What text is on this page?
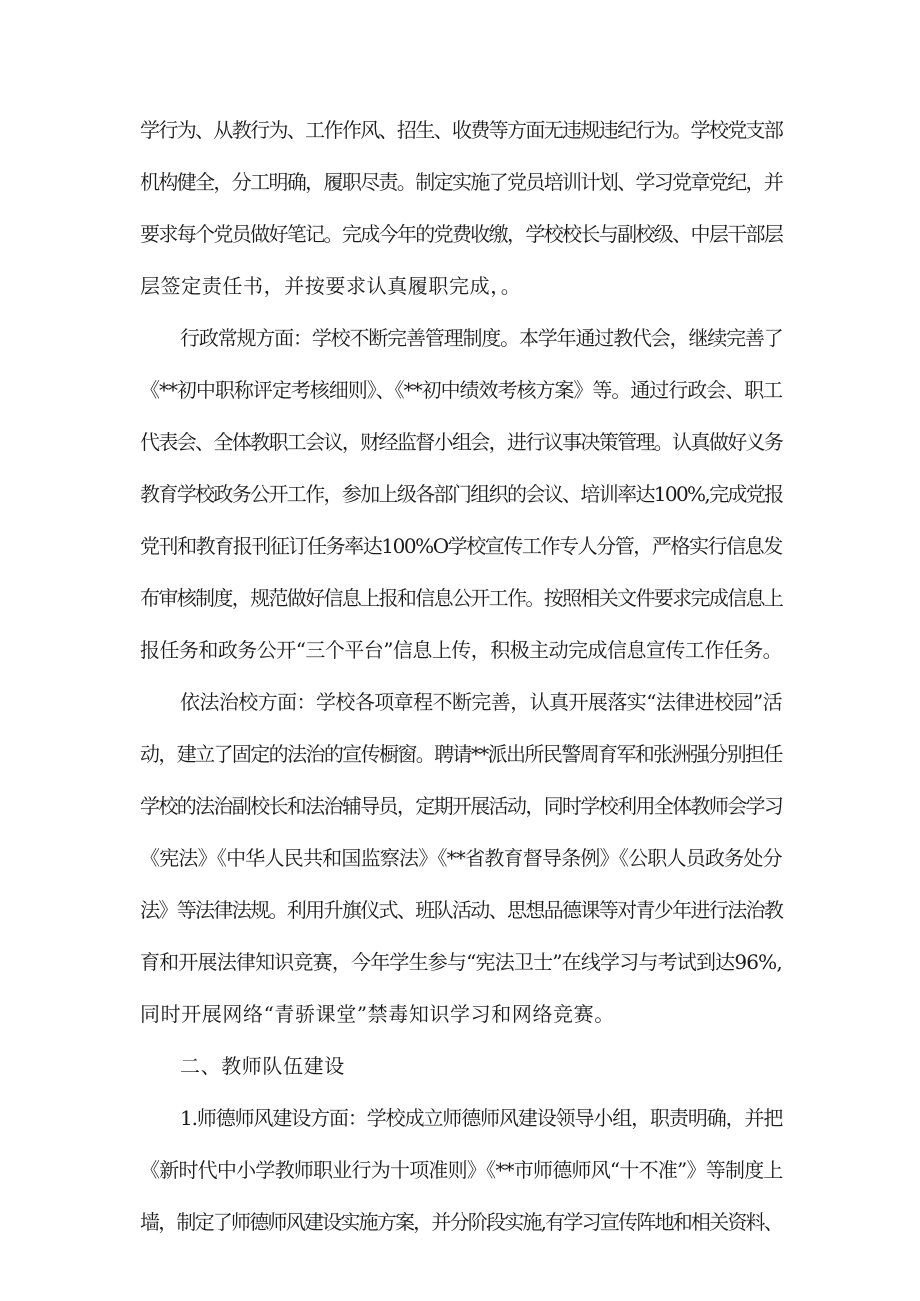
学行为、从教行为、工作作风、招生、收费等方面无违规违纪行为。学校党支部
机构健全，分工明确，履职尽责。制定实施了党员培训计划、学习党章党纪，并
要求每个党员做好笔记。完成今年的党费收缴，学校校长与副校级、中层干部层
层签定责任书，并按要求认真履职完成，。
行政常规方面：学校不断完善管理制度。本学年通过教代会，继续完善了
《**初中职称评定考核细则》、《**初中绩效考核方案》等。通过行政会、职工
代表会、全体教职工会议，财经监督小组会，进行议事决策管理。认真做好义务
教育学校政务公开工作，参加上级各部门组织的会议、培训率达100%,完成党报
党刊和教育报刊征订任务率达100%O学校宣传工作专人分管，严格实行信息发
布审核制度，规范做好信息上报和信息公开工作。按照相关文件要求完成信息上
报任务和政务公开“三个平台”信息上传，积极主动完成信息宣传工作任务。
依法治校方面：学校各项章程不断完善，认真开展落实“法律进校园”活
动，建立了固定的法治的宣传橱窗。聘请**派出所民警周育军和张洲强分别担任
学校的法治副校长和法治辅导员，定期开展活动，同时学校利用全体教师会学习
《宪法》《中华人民共和国监察法》《**省教育督导条例》《公职人员政务处分
法》等法律法规。利用升旗仪式、班队活动、思想品德课等对青少年进行法治教
育和开展法律知识竞赛，今年学生参与“宪法卫士”在线学习与考试到达96%,
同时开展网络“青骄课堂”禁毒知识学习和网络竞赛。
二、教师队伍建设
1.师德师风建设方面：学校成立师德师风建设领导小组，职责明确，并把
《新时代中小学教师职业行为十项准则》《**市师德师风“十不准”》等制度上
墙，制定了师德师风建设实施方案，并分阶段实施,有学习宣传阵地和相关资料、
